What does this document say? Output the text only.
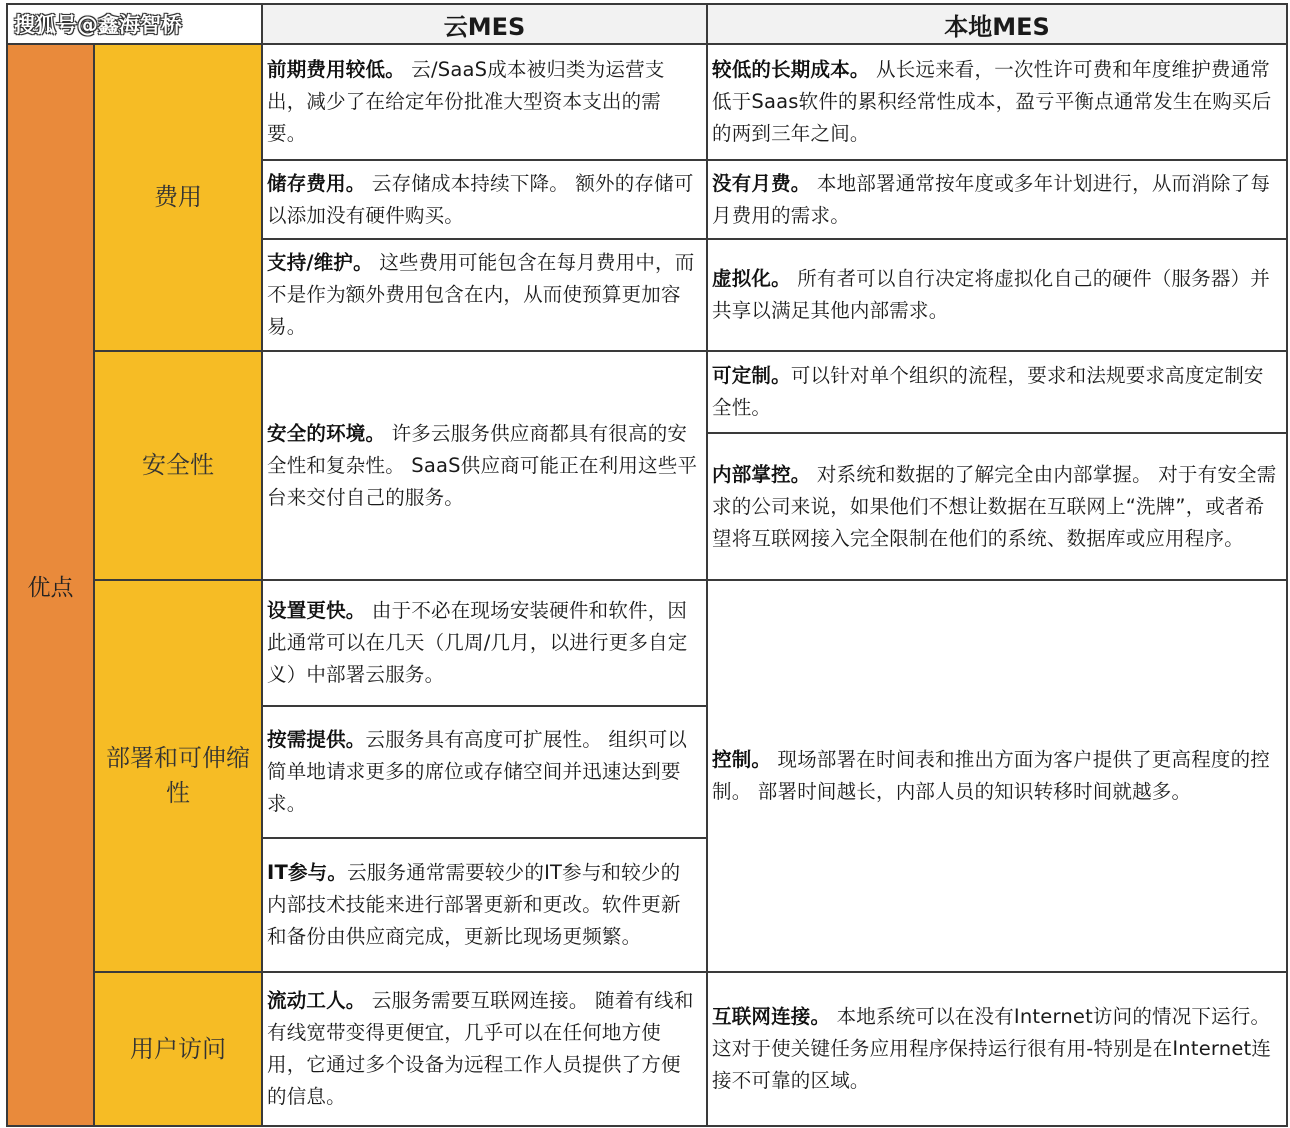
搜狐号@鑫海智桥		云MES	本地MES
优点	费用	前期费用较低。 云/SaaS成本被归类为运营支出，减少了在给定年份批准大型资本支出的需要。	较低的长期成本。 从长远来看，一次性许可费和年度维护费通常低于Saas软件的累积经常性成本，盈亏平衡点通常发生在购买后的两到三年之间。
		储存费用。 云存储成本持续下降。 额外的存储可以添加没有硬件购买。	没有月费。 本地部署通常按年度或多年计划进行，从而消除了每月费用的需求。
		支持/维护。 这些费用可能包含在每月费用中，而不是作为额外费用包含在内，从而使预算更加容易。	虚拟化。 所有者可以自行决定将虚拟化自己的硬件（服务器）并共享以满足其他内部需求。
	安全性	安全的环境。 许多云服务供应商都具有很高的安全性和复杂性。 SaaS供应商可能正在利用这些平台来交付自己的服务。	可定制。可以针对单个组织的流程，要求和法规要求高度定制安全性。
			内部掌控。 对系统和数据的了解完全由内部掌握。 对于有安全需求的公司来说，如果他们不想让数据在互联网上“洗牌”，或者希望将互联网接入完全限制在他们的系统、数据库或应用程序。
	部署和可伸缩性	设置更快。 由于不必在现场安装硬件和软件，因此通常可以在几天（几周/几月，以进行更多自定义）中部署云服务。	控制。 现场部署在时间表和推出方面为客户提供了更高程度的控制。 部署时间越长，内部人员的知识转移时间就越多。
		按需提供。云服务具有高度可扩展性。 组织可以简单地请求更多的席位或存储空间并迅速达到要求。	
		IT参与。云服务通常需要较少的IT参与和较少的内部技术技能来进行部署更新和更改。软件更新和备份由供应商完成，更新比现场更频繁。	
	用户访问	流动工人。 云服务需要互联网连接。 随着有线和有线宽带变得更便宜，几乎可以在任何地方使用，它通过多个设备为远程工作人员提供了方便的信息。	互联网连接。 本地系统可以在没有Internet访问的情况下运行。 这对于使关键任务应用程序保持运行很有用-特别是在Internet连接不可靠的区域。
